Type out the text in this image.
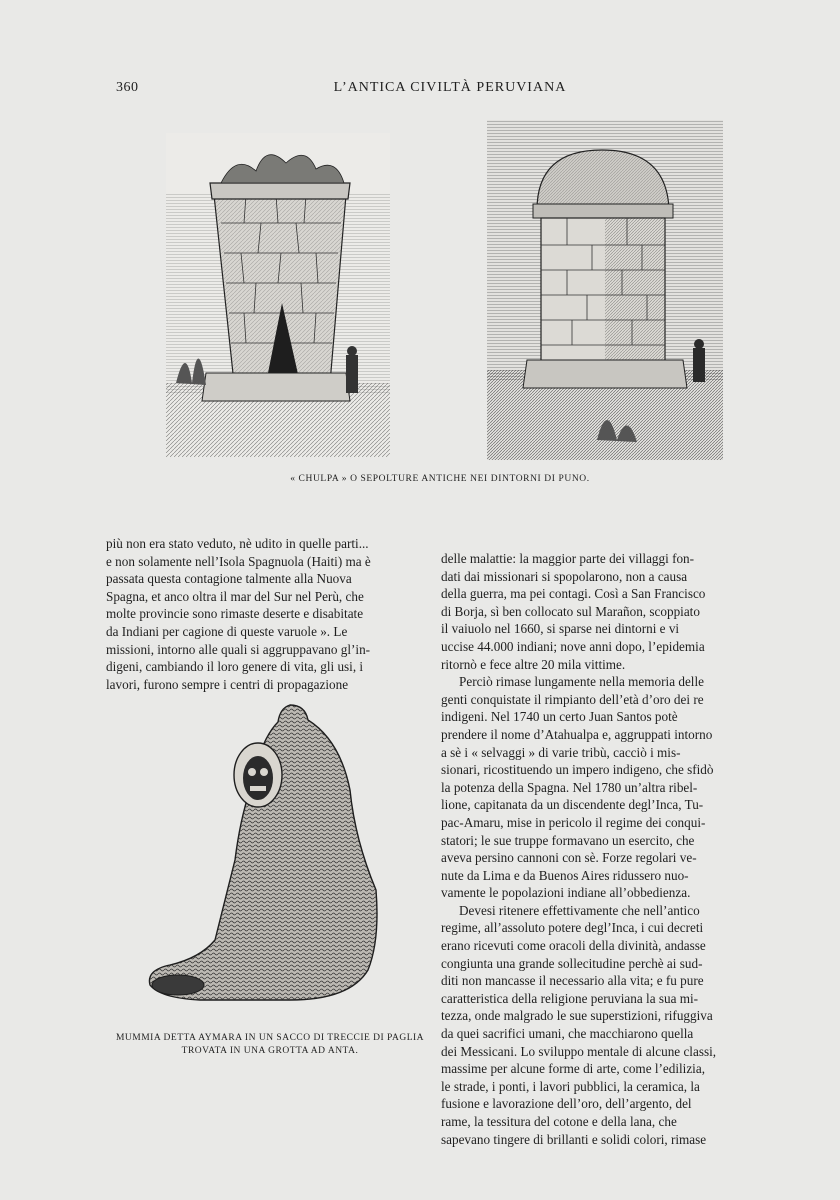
360	L’ANTICA CIVILTÀ PERUVIANA
« CHULPA » O SEPOLTURE ANTICHE NEI DINTORNI DI PUNO.

più non era stato veduto, nè udito in quelle parti...

e non solamente nell’Isola Spagnuola (Haiti) ma è

passata questa contagione talmente alla Nuova

Spagna, et anco oltra il mar del Sur nel Perù, che

molte provincie sono rimaste deserte e disabitate

da Indiani per cagione di queste varuole ». Le

missioni, intorno alle quali si aggruppavano gl’in-

digeni, cambiando il loro genere di vita, gli usi, i

lavori, furono sempre i centri di propagazione

MUMMIA DETTA AYMARA IN UN SACCO DI TRECCIE DI PAGLIA
TROVATA IN UNA GROTTA AD ANTA.

delle malattie: la maggior parte dei villaggi fon-

dati dai missionari si spopolarono, non a causa

della guerra, ma pei contagi. Così a San Francisco

di Borja, sì ben collocato sul Marañon, scoppiato

il vaiuolo nel 1660, si sparse nei dintorni e vi

uccise 44.000 indiani; nove anni dopo, l’epidemia

ritornò e fece altre 20 mila vittime.

Perciò rimase lungamente nella memoria delle

genti conquistate il rimpianto dell’età d’oro dei re

indigeni. Nel 1740 un certo Juan Santos potè

prendere il nome d’Atahualpa e, aggruppati intorno

a sè i « selvaggi » di varie tribù, cacciò i mis-

sionari, ricostituendo un impero indigeno, che sfidò

la potenza della Spagna. Nel 1780 un’altra ribel-

lione, capitanata da un discendente degl’Inca, Tu-

pac-Amaru, mise in pericolo il regime dei conqui-

statori; le sue truppe formavano un esercito, che

aveva persino cannoni con sè. Forze regolari ve-

nute da Lima e da Buenos Aires ridussero nuo-

vamente le popolazioni indiane all’obbedienza.

Devesi ritenere effettivamente che nell’antico

regime, all’assoluto potere degl’Inca, i cui decreti

erano ricevuti come oracoli della divinità, andasse

congiunta una grande sollecitudine perchè ai sud-

diti non mancasse il necessario alla vita; e fu pure

caratteristica della religione peruviana la sua mi-

tezza, onde malgrado le sue superstizioni, rifuggiva

da quei sacrifici umani, che macchiarono quella

dei Messicani. Lo sviluppo mentale di alcune classi,

massime per alcune forme di arte, come l’edilizia,

le strade, i ponti, i lavori pubblici, la ceramica, la

fusione e lavorazione dell’oro, dell’argento, del

rame, la tessitura del cotone e della lana, che

sapevano tingere di brillanti e solidi colori, rimase
